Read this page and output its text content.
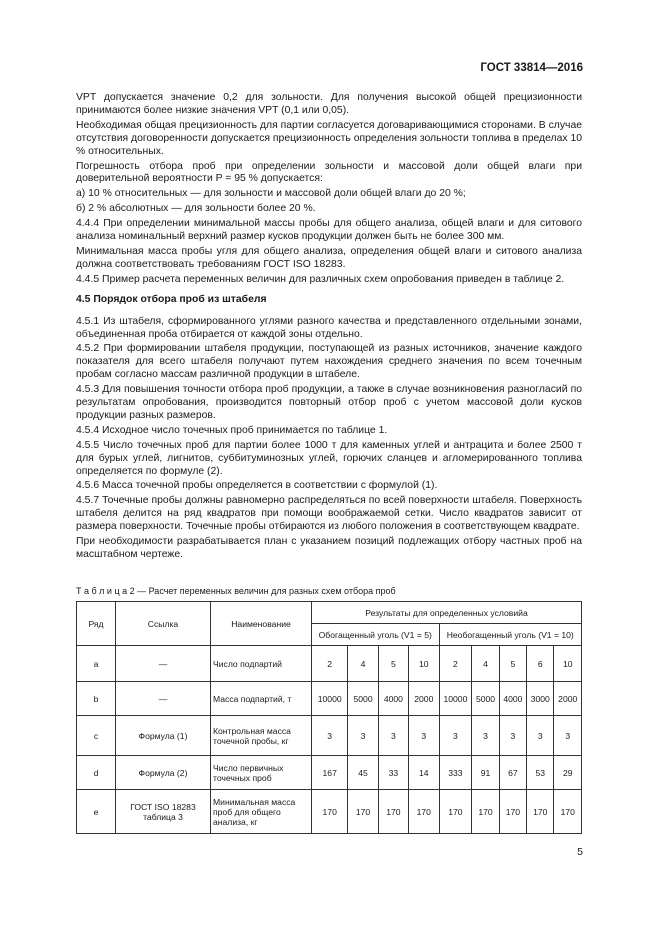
ГОСТ 33814—2016

VPT допускается значение 0,2 для зольности. Для получения высокой общей прецизионности принимаются более низкие значения VPT (0,1 или 0,05).

Необходимая общая прецизионность для партии согласуется договаривающимися сторонами. В случае отсутствия договоренности допускается прецизионность определения зольности топлива в пределах 10 % относительных.

Погрешность отбора проб при определении зольности и массовой доли общей влаги при доверительной вероятности P = 95 % допускается:

а) 10 % относительных — для зольности и массовой доли общей влаги до 20 %;

б) 2 % абсолютных — для зольности более 20 %.

4.4.4 При определении минимальной массы пробы для общего анализа, общей влаги и для ситового анализа номинальный верхний размер кусков продукции должен быть не более 300 мм.

Минимальная масса пробы угля для общего анализа, определения общей влаги и ситового анализа должна соответствовать требованиям ГОСТ ISO 18283.

4.4.5 Пример расчета переменных величин для различных схем опробования приведен в таблице 2.

4.5 Порядок отбора проб из штабеля

4.5.1 Из штабеля, сформированного углями разного качества и представленного отдельными зонами, объединенная проба отбирается от каждой зоны отдельно.

4.5.2 При формировании штабеля продукции, поступающей из разных источников, значение каждого показателя для всего штабеля получают путем нахождения среднего значения по всем точечным пробам согласно массам различной продукции в штабеле.

4.5.3 Для повышения точности отбора проб продукции, а также в случае возникновения разногласий по результатам опробования, производится повторный отбор проб с учетом массовой доли кусков продукции разных размеров.

4.5.4 Исходное число точечных проб принимается по таблице 1.

4.5.5 Число точечных проб для партии более 1000 т для каменных углей и антрацита и более 2500 т для бурых углей, лигнитов, суббитуминозных углей, горючих сланцев и агломерированного топлива определяется по формуле (2).

4.5.6 Масса точечной пробы определяется в соответствии с формулой (1).

4.5.7 Точечные пробы должны равномерно распределяться по всей поверхности штабеля. Поверхность штабеля делится на ряд квадратов при помощи воображаемой сетки. Число квадратов зависит от размера поверхности. Точечные пробы отбираются из любого положения в соответствующем квадрате.

При необходимости разрабатывается план с указанием позиций подлежащих отбору частных проб на масштабном чертеже.

Т а б л и ц а 2 — Расчет переменных величин для разных схем отбора проб
Ряд	Ссылка	Наименование	Результаты для определенных условийa								
			Обогащенный уголь (V1 = 5)				Необогащенный уголь (V1 = 10)				
a	—	Число подпартий	2	4	5	10	2	4	5	6	10
b	—	Масса подпартий, т	10000	5000	4000	2000	10000	5000	4000	3000	2000
c	Формула (1)	Контрольная масса точечной пробы, кг	3	3	3	3	3	3	3	3	3
d	Формула (2)	Число первичных точечных проб	167	45	33	14	333	91	67	53	29
e	ГОСТ ISO 18283 таблица 3	Минимальная масса проб для общего анализа, кг	170	170	170	170	170	170	170	170	170
5
